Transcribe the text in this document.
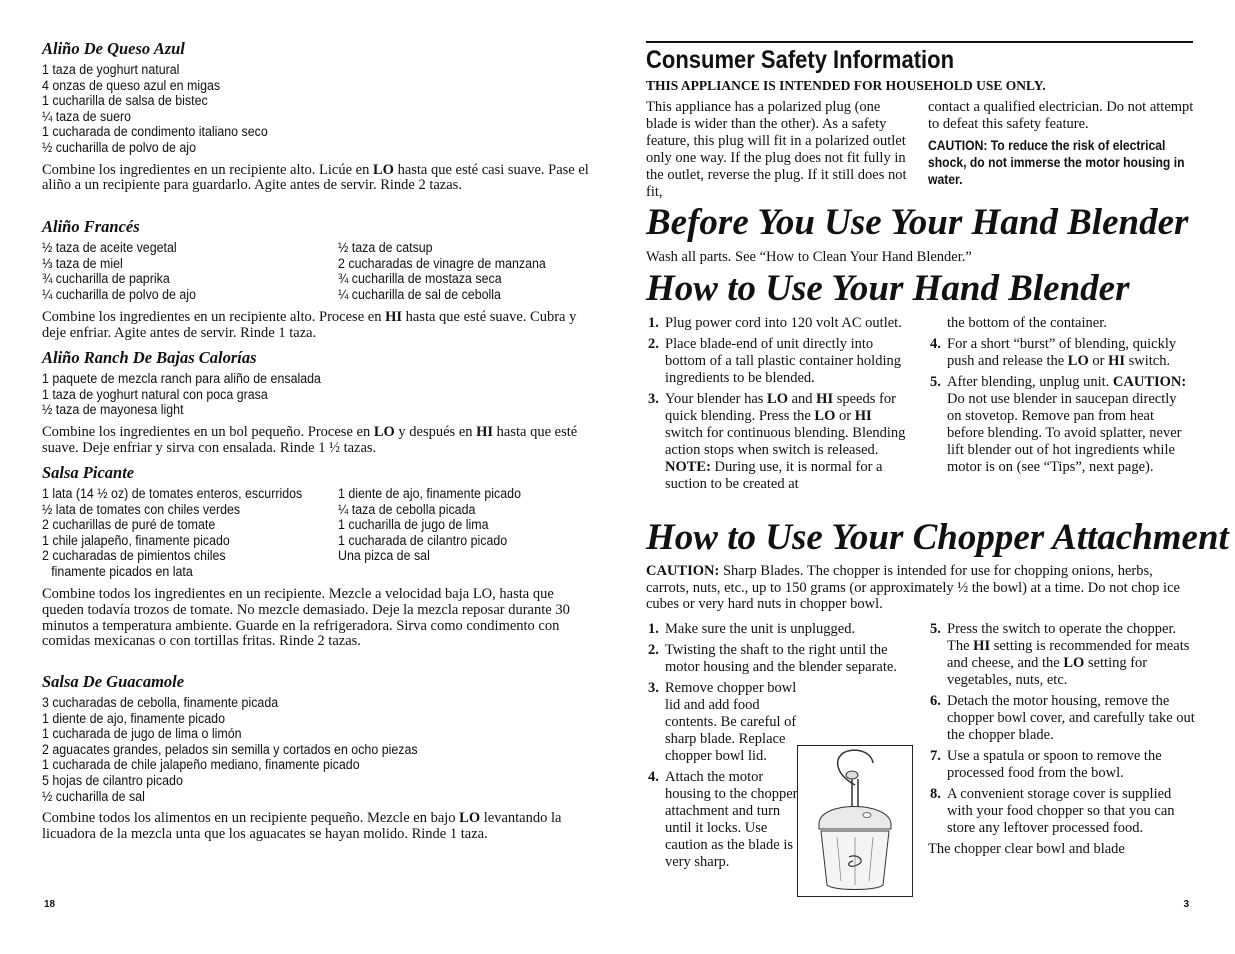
Aliño De Queso Azul
1 taza de yoghurt natural
4 onzas de queso azul en migas
1 cucharilla de salsa de bistec
¼ taza de suero
1 cucharada de condimento italiano seco
½ cucharilla de polvo de ajo
Combine los ingredientes en un recipiente alto. Licúe en LO hasta que esté casi suave. Pase el aliño a un recipiente para guardarlo. Agite antes de servir. Rinde 2 tazas.
Aliño Francés
½ taza de aceite vegetal
⅓ taza de miel
¾ cucharilla de paprika
¼ cucharilla de polvo de ajo
½ taza de catsup
2 cucharadas de vinagre de manzana
¾ cucharilla de mostaza seca
¼ cucharilla de sal de cebolla
Combine los ingredientes en un recipiente alto. Procese en HI hasta que esté suave. Cubra y deje enfriar. Agite antes de servir. Rinde 1 taza.
Aliño Ranch De Bajas Calorías
1 paquete de mezcla ranch para aliño de ensalada
1 taza de yoghurt natural con poca grasa
½ taza de mayonesa light
Combine los ingredientes en un bol pequeño. Procese en LO y después en HI hasta que esté suave. Deje enfriar y sirva con ensalada. Rinde 1 ½ tazas.
Salsa Picante
1 lata (14 ½ oz) de tomates enteros, escurridos
½ lata de tomates con chiles verdes
2 cucharillas de puré de tomate
1 chile jalapeño, finamente picado
2 cucharadas de pimientos chiles
finamente picados en lata
1 diente de ajo, finamente picado
¼ taza de cebolla picada
1 cucharilla de jugo de lima
1 cucharada de cilantro picado
Una pizca de sal
Combine todos los ingredientes en un recipiente. Mezcle a velocidad baja LO, hasta que queden todavía trozos de tomate. No mezcle demasiado. Deje la mezcla reposar durante 30 minutos a temperatura ambiente. Guarde en la refrigeradora. Sirva como condimento con comidas mexicanas o con tortillas fritas. Rinde 2 tazas.
Salsa De Guacamole
3 cucharadas de cebolla, finamente picada
1 diente de ajo, finamente picado
1 cucharada de jugo de lima o limón
2 aguacates grandes, pelados sin semilla y cortados en ocho piezas
1 cucharada de chile jalapeño mediano, finamente picado
5 hojas de cilantro picado
½ cucharilla de sal
Combine todos los alimentos en un recipiente pequeño. Mezcle en bajo LO levantando la licuadora de la mezcla unta que los aguacates se hayan molido. Rinde 1 taza.
18
Consumer Safety Information
THIS APPLIANCE IS INTENDED FOR HOUSEHOLD USE ONLY.
This appliance has a polarized plug (one blade is wider than the other). As a safety feature, this plug will fit in a polarized outlet only one way. If the plug does not fit fully in the outlet, reverse the plug. If it still does not fit,
contact a qualified electrician. Do not attempt to defeat this safety feature.
CAUTION: To reduce the risk of electrical shock, do not immerse the motor housing in water.
Before You Use Your Hand Blender
Wash all parts. See “How to Clean Your Hand Blender.”
How to Use Your Hand Blender
1. Plug power cord into 120 volt AC outlet.
2. Place blade-end of unit directly into bottom of a tall plastic container holding ingredients to be blended.
3. Your blender has LO and HI speeds for quick blending. Press the LO or HI switch for continuous blending. Blending action stops when switch is released. NOTE: During use, it is normal for a suction to be created at
the bottom of the container.
4. For a short “burst” of blending, quickly push and release the LO or HI switch.
5. After blending, unplug unit. CAUTION: Do not use blender in saucepan directly on stovetop. Remove pan from heat before blending. To avoid splatter, never lift blender out of hot ingredients while motor is on (see “Tips”, next page).
How to Use Your Chopper Attachment
CAUTION: Sharp Blades. The chopper is intended for use for chopping onions, herbs, carrots, nuts, etc., up to 150 grams (or approximately ½ the bowl) at a time. Do not chop ice cubes or very hard nuts in chopper bowl.
1. Make sure the unit is unplugged.
2. Twisting the shaft to the right until the motor housing and the blender separate.
3. Remove chopper bowl lid and add food contents. Be careful of sharp blade. Replace chopper bowl lid.
4. Attach the motor housing to the chopper attachment and turn until it locks. Use caution as the blade is very sharp.
5. Press the switch to operate the chopper. The HI setting is recommended for meats and cheese, and the LO setting for vegetables, nuts, etc.
6. Detach the motor housing, remove the chopper bowl cover, and carefully take out the chopper blade.
7. Use a spatula or spoon to remove the processed food from the bowl.
8. A convenient storage cover is supplied with your food chopper so that you can store any leftover processed food.
The chopper clear bowl and blade
3
